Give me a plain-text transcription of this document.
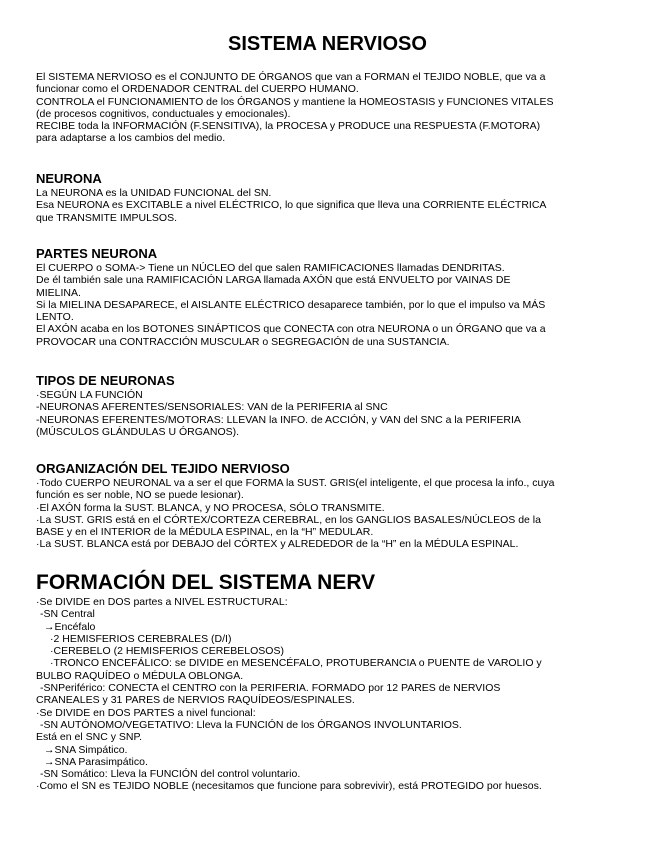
SISTEMA NERVIOSO
El SISTEMA NERVIOSO es el CONJUNTO DE ÓRGANOS que van a FORMAN el TEJIDO NOBLE, que va a
funcionar como el ORDENADOR CENTRAL del CUERPO HUMANO.
CONTROLA el FUNCIONAMIENTO de los ÓRGANOS y mantiene la HOMEOSTASIS y FUNCIONES VITALES
(de procesos cognitivos, conductuales y emocionales).
RECIBE toda la INFORMACIÓN (F.SENSITIVA), la PROCESA y PRODUCE una RESPUESTA (F.MOTORA)
para adaptarse a los cambios del medio.
NEURONA
La NEURONA es la UNIDAD FUNCIONAL del SN.
Esa NEURONA es EXCITABLE a nivel ELÉCTRICO, lo que significa que lleva una CORRIENTE ELÉCTRICA
que TRANSMITE IMPULSOS.
PARTES NEURONA
El CUERPO o SOMA-> Tiene un NÚCLEO del que salen RAMIFICACIONES llamadas DENDRITAS.
De él también sale una RAMIFICACIÓN LARGA llamada AXÓN que está ENVUELTO por VAINAS DE
MIELINA.
Si la MIELINA DESAPARECE, el AISLANTE ELÉCTRICO desaparece también, por lo que el impulso va MÁS
LENTO.
El AXÓN acaba en los BOTONES SINÁPTICOS que CONECTA con otra NEURONA o un ÓRGANO que va a
PROVOCAR una CONTRACCIÓN MUSCULAR o SEGREGACIÓN de una SUSTANCIA.
TIPOS DE NEURONAS
·SEGÚN LA FUNCIÓN
-NEURONAS AFERENTES/SENSORIALES: VAN de la PERIFERIA al SNC
-NEURONAS EFERENTES/MOTORAS: LLEVAN la INFO. de ACCIÓN, y VAN del SNC a la PERIFERIA
(MÚSCULOS GLÁNDULAS U ÓRGANOS).
ORGANIZACIÓN DEL TEJIDO NERVIOSO
·Todo CUERPO NEURONAL va a ser el que FORMA la SUST. GRIS(el inteligente, el que procesa la info., cuya
función es ser noble, NO se puede lesionar).
·El AXÓN forma la SUST. BLANCA, y NO PROCESA, SÓLO TRANSMITE.
·La SUST. GRIS está en el CÓRTEX/CORTEZA CEREBRAL, en los GANGLIOS BASALES/NÚCLEOS de la
BASE y en el INTERIOR de la MÉDULA ESPINAL, en la “H” MEDULAR.
·La SUST. BLANCA está por DEBAJO del CÓRTEX y ALREDEDOR de la “H” en la MÉDULA ESPINAL.
FORMACIÓN DEL SISTEMA NERV
·Se DIVIDE en DOS partes a NIVEL ESTRUCTURAL:
-SN Central
→Encéfalo
·2 HEMISFERIOS CEREBRALES (D/I)
·CEREBELO (2 HEMISFERIOS CEREBELOSOS)
·TRONCO ENCEFÁLICO: se DIVIDE en MESENCÉFALO, PROTUBERANCIA o PUENTE de VAROLIO y
BULBO RAQUÍDEO o MÉDULA OBLONGA.
-SNPeriférico: CONECTA el CENTRO con la PERIFERIA. FORMADO por 12 PARES de NERVIOS
CRANEALES y 31 PARES de NERVIOS RAQUÍDEOS/ESPINALES.
·Se DIVIDE en DOS PARTES a nivel funcional:
-SN AUTÓNOMO/VEGETATIVO: Lleva la FUNCIÓN de los ÓRGANOS INVOLUNTARIOS.
Está en el SNC y SNP.
→SNA Simpático.
→SNA Parasimpático.
-SN Somático: Lleva la FUNCIÓN del control voluntario.
·Como el SN es TEJIDO NOBLE (necesitamos que funcione para sobrevivir), está PROTEGIDO por huesos.
